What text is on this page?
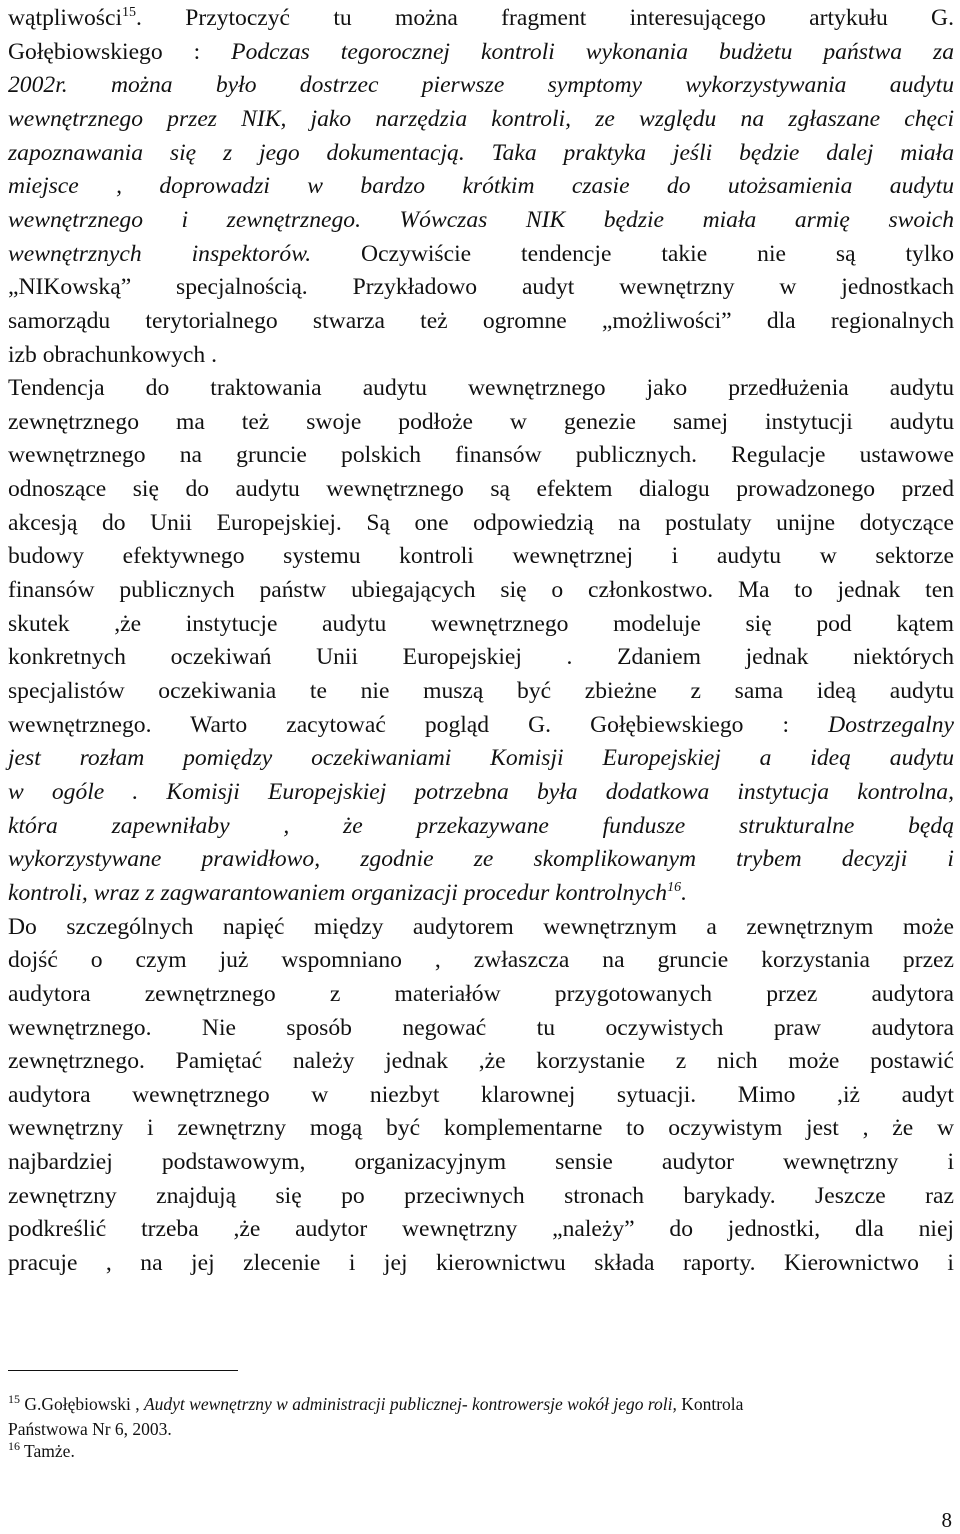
wątpliwości$^{15}$. Przytoczyć tu można fragment interesującego artykułu G.
Gołębiowskiego : Podczas tegorocznej kontroli wykonania budżetu państwa za
2002r. można było dostrzec pierwsze symptomy wykorzystywania audytu
wewnętrznego przez NIK, jako narzędzia kontroli, ze względu na zgłaszane chęci
zapoznawania się z jego dokumentacją. Taka praktyka jeśli będzie dalej miała
miejsce , doprowadzi w bardzo krótkim czasie do utożsamienia audytu
wewnętrznego i zewnętrznego. Wówczas NIK będzie miała armię swoich
wewnętrznych inspektorów. Oczywiście tendencje takie nie są tylko
„NIKowską” specjalnością. Przykładowo audyt wewnętrzny w jednostkach
samorządu terytorialnego stwarza też ogromne „możliwości” dla regionalnych
izb obrachunkowych .
Tendencja do traktowania audytu wewnętrznego jako przedłużenia audytu
zewnętrznego ma też swoje podłoże w genezie samej instytucji audytu
wewnętrznego na gruncie polskich finansów publicznych. Regulacje ustawowe
odnoszące się do audytu wewnętrznego są efektem dialogu prowadzonego przed
akcesją do Unii Europejskiej. Są one odpowiedzią na postulaty unijne dotyczące
budowy efektywnego systemu kontroli wewnętrznej i audytu w sektorze
finansów publicznych państw ubiegających się o członkostwo. Ma to jednak ten
skutek ,że instytucje audytu wewnętrznego modeluje się pod kątem
konkretnych oczekiwań Unii Europejskiej . Zdaniem jednak niektórych
specjalistów oczekiwania te nie muszą być zbieżne z sama ideą audytu
wewnętrznego. Warto zacytować pogląd G. Gołębiewskiego : Dostrzegalny
jest rozłam pomiędzy oczekiwaniami Komisji Europejskiej a ideą audytu
w ogóle . Komisji Europejskiej potrzebna była dodatkowa instytucja kontrolna,
która zapewniłaby , że przekazywane fundusze strukturalne będą
wykorzystywane prawidłowo, zgodnie ze skomplikowanym trybem decyzji i
kontroli, wraz z zagwarantowaniem organizacji procedur kontrolnych$^{16}$.
Do szczególnych napięć między audytorem wewnętrznym a zewnętrznym może
dojść o czym już wspomniano , zwłaszcza na gruncie korzystania przez
audytora zewnętrznego z materiałów przygotowanych przez audytora
wewnętrznego. Nie sposób negować tu oczywistych praw audytora
zewnętrznego. Pamiętać należy jednak ,że korzystanie z nich może postawić
audytora wewnętrznego w niezbyt klarownej sytuacji. Mimo ,iż audyt
wewnętrzny i zewnętrzny mogą być komplementarne to oczywistym jest , że w
najbardziej podstawowym, organizacyjnym sensie audytor wewnętrzny i
zewnętrzny znajdują się po przeciwnych stronach barykady. Jeszcze raz
podkreślić trzeba ,że audytor wewnętrzny „należy” do jednostki, dla niej
pracuje , na jej zlecenie i jej kierownictwu składa raporty. Kierownictwo i
$^{15}$ G.Gołębiowski , Audyt wewnętrzny w administracji publicznej- kontrowersje wokół jego roli, Kontrola
Państwowa Nr 6, 2003.
$^{16}$ Tamże.
8
